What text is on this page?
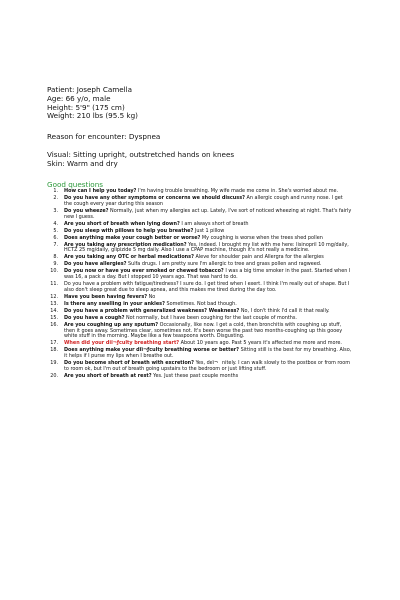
Patient: Joseph Camella
Age: 66 y/o, male
Height: 5'9" (175 cm)
Weight: 210 lbs (95.5 kg)
Reason for encounter: Dyspnea
Visual: Sitting upright, outstretched hands on knees
Skin: Warm and dry
Good questions
1.	How can I help you today? I'm having trouble breathing. My wife made me come in. She's worried about me.
2.	Do you have any other symptoms or concerns we should discuss? An allergic cough and runny nose. I get the cough every year during this season
3.	Do you wheeze? Normally, just when my allergies act up. Lately, I've sort of noticed wheezing at night. That's fairly new I guess.
4.	Are you short of breath when lying down? I am always short of breath
5.	Do you sleep with pillows to help you breathe? Just 1 pillow
6.	Does anything make your cough better or worse? My coughing is worse when the trees shed pollen
7.	Are you taking any prescription medication? Yes, indeed. I brought my list with me here: lisinopril 10 mg/daily, HCTZ 25 mg/daily, glipizide 5 mg daily. Also I use a CPAP machine, though it's not really a medicine.
8.	Are you taking any OTC or herbal medications? Aleve for shoulder pain and Allergra for the allergies
9.	Do you have allergies? Sulfa drugs. I am pretty sure I'm allergic to tree and grass pollen and ragweed.
10.	Do you now or have you ever smoked or chewed tobacco? I was a big time smoker in the past. Started when I was 16, a pack a day. But I stopped 10 years ago. That was hard to do.
11.	Do you have a problem with fatigue/tiredness? I sure do. I get tired when I exert. I think I'm really out of shape. But I also don't sleep great due to sleep apnea, and this makes me tired during the day too.
12.	Have you been having fevers? No
13.	Is there any swelling in your ankles? Sometimes. Not bad though.
14.	Do you have a problem with generalized weakness? Weakness? No, I don't think I'd call it that really.
15.	Do you have a cough? Not normally, but I have been coughing for the last couple of months.
16.	Are you coughing up any sputum? Occasionally, like now. I get a cold, then bronchitis with coughing up stuff, then it goes away. Sometimes clear, sometimes not. It's been worse the past two months-coughing up this gooey white stuff in the morning. Maybe like a few teaspoons worth. Disgusting.
17.	When did your diï¬ƒculty breathing start? About 10 years ago. Past 5 years it's affected me more and more.
18.	Does anything make your diï¬ƒculty breathing worse or better? Sitting still is the best for my breathing. Also, it helps if I purse my lips when I breathe out.
19.	Do you become short of breath with excretion? Yes, deï¬nitely. I can walk slowly to the postbox or from room to room ok, but I'm out of breath going upstairs to the bedroom or just lifting stuff.
20.	Are you short of breath at rest? Yes. Just these past couple months
